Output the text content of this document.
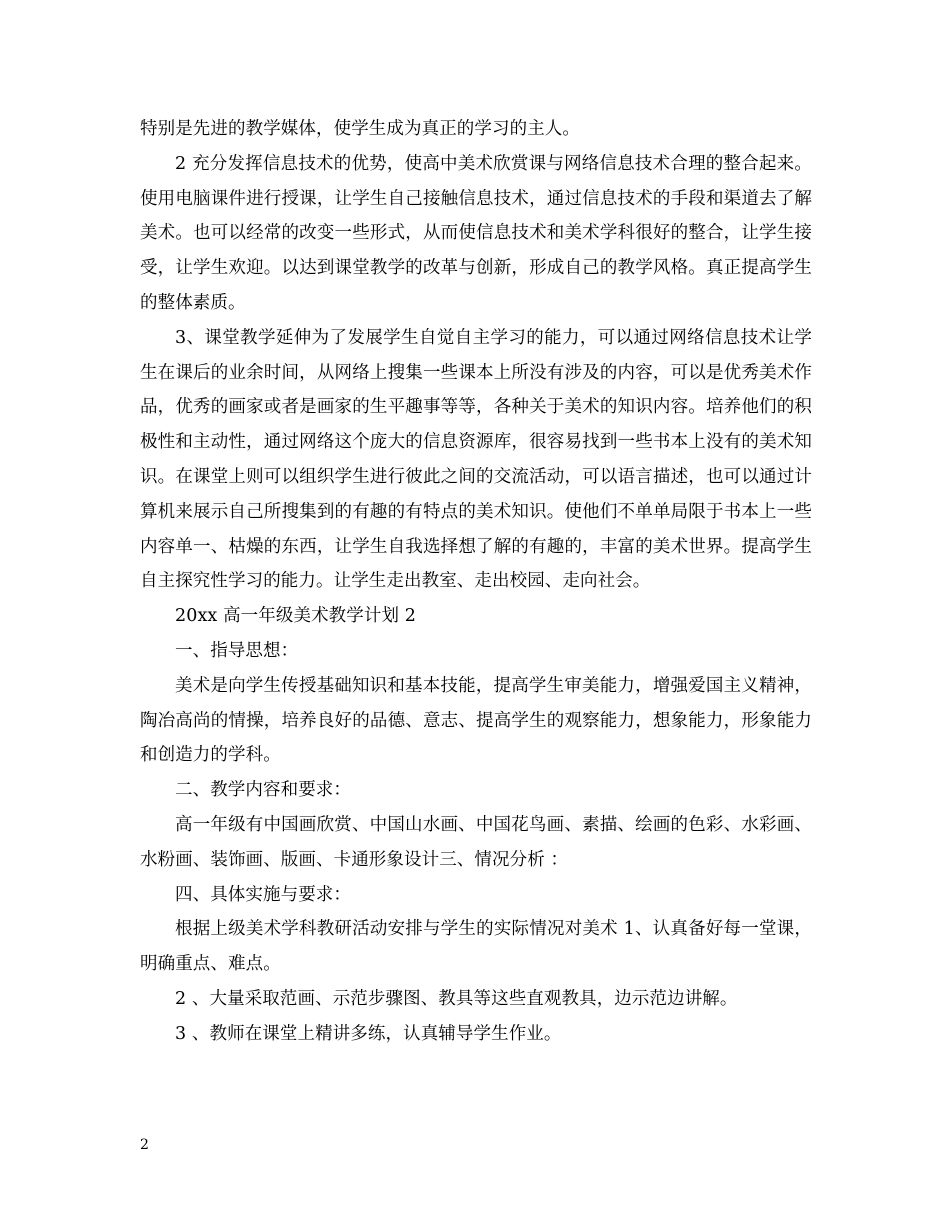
特别是先进的教学媒体，使学生成为真正的学习的主人。

2 充分发挥信息技术的优势，使高中美术欣赏课与网络信息技术合理的整合起来。使用电脑课件进行授课，让学生自己接触信息技术，通过信息技术的手段和渠道去了解美术。也可以经常的改变一些形式，从而使信息技术和美术学科很好的整合，让学生接受，让学生欢迎。以达到课堂教学的改革与创新，形成自己的教学风格。真正提高学生的整体素质。

3、课堂教学延伸为了发展学生自觉自主学习的能力，可以通过网络信息技术让学生在课后的业余时间，从网络上搜集一些课本上所没有涉及的内容，可以是优秀美术作品，优秀的画家或者是画家的生平趣事等等，各种关于美术的知识内容。培养他们的积极性和主动性，通过网络这个庞大的信息资源库，很容易找到一些书本上没有的美术知识。在课堂上则可以组织学生进行彼此之间的交流活动，可以语言描述，也可以通过计算机来展示自己所搜集到的有趣的有特点的美术知识。使他们不单单局限于书本上一些内容单一、枯燥的东西，让学生自我选择想了解的有趣的，丰富的美术世界。提高学生自主探究性学习的能力。让学生走出教室、走出校园、走向社会。

20xx 高一年级美术教学计划 2

一、指导思想：

美术是向学生传授基础知识和基本技能，提高学生审美能力，增强爱国主义精神，陶冶高尚的情操，培养良好的品德、意志、提高学生的观察能力，想象能力，形象能力和创造力的学科。

二、教学内容和要求：

高一年级有中国画欣赏、中国山水画、中国花鸟画、素描、绘画的色彩、水彩画、水粉画、装饰画、版画、卡通形象设计三、情况分析 ：

四、具体实施与要求：

根据上级美术学科教研活动安排与学生的实际情况对美术 1、认真备好每一堂课，明确重点、难点。

2 、大量采取范画、示范步骤图、教具等这些直观教具，边示范边讲解。

3 、教师在课堂上精讲多练，认真辅导学生作业。

2
